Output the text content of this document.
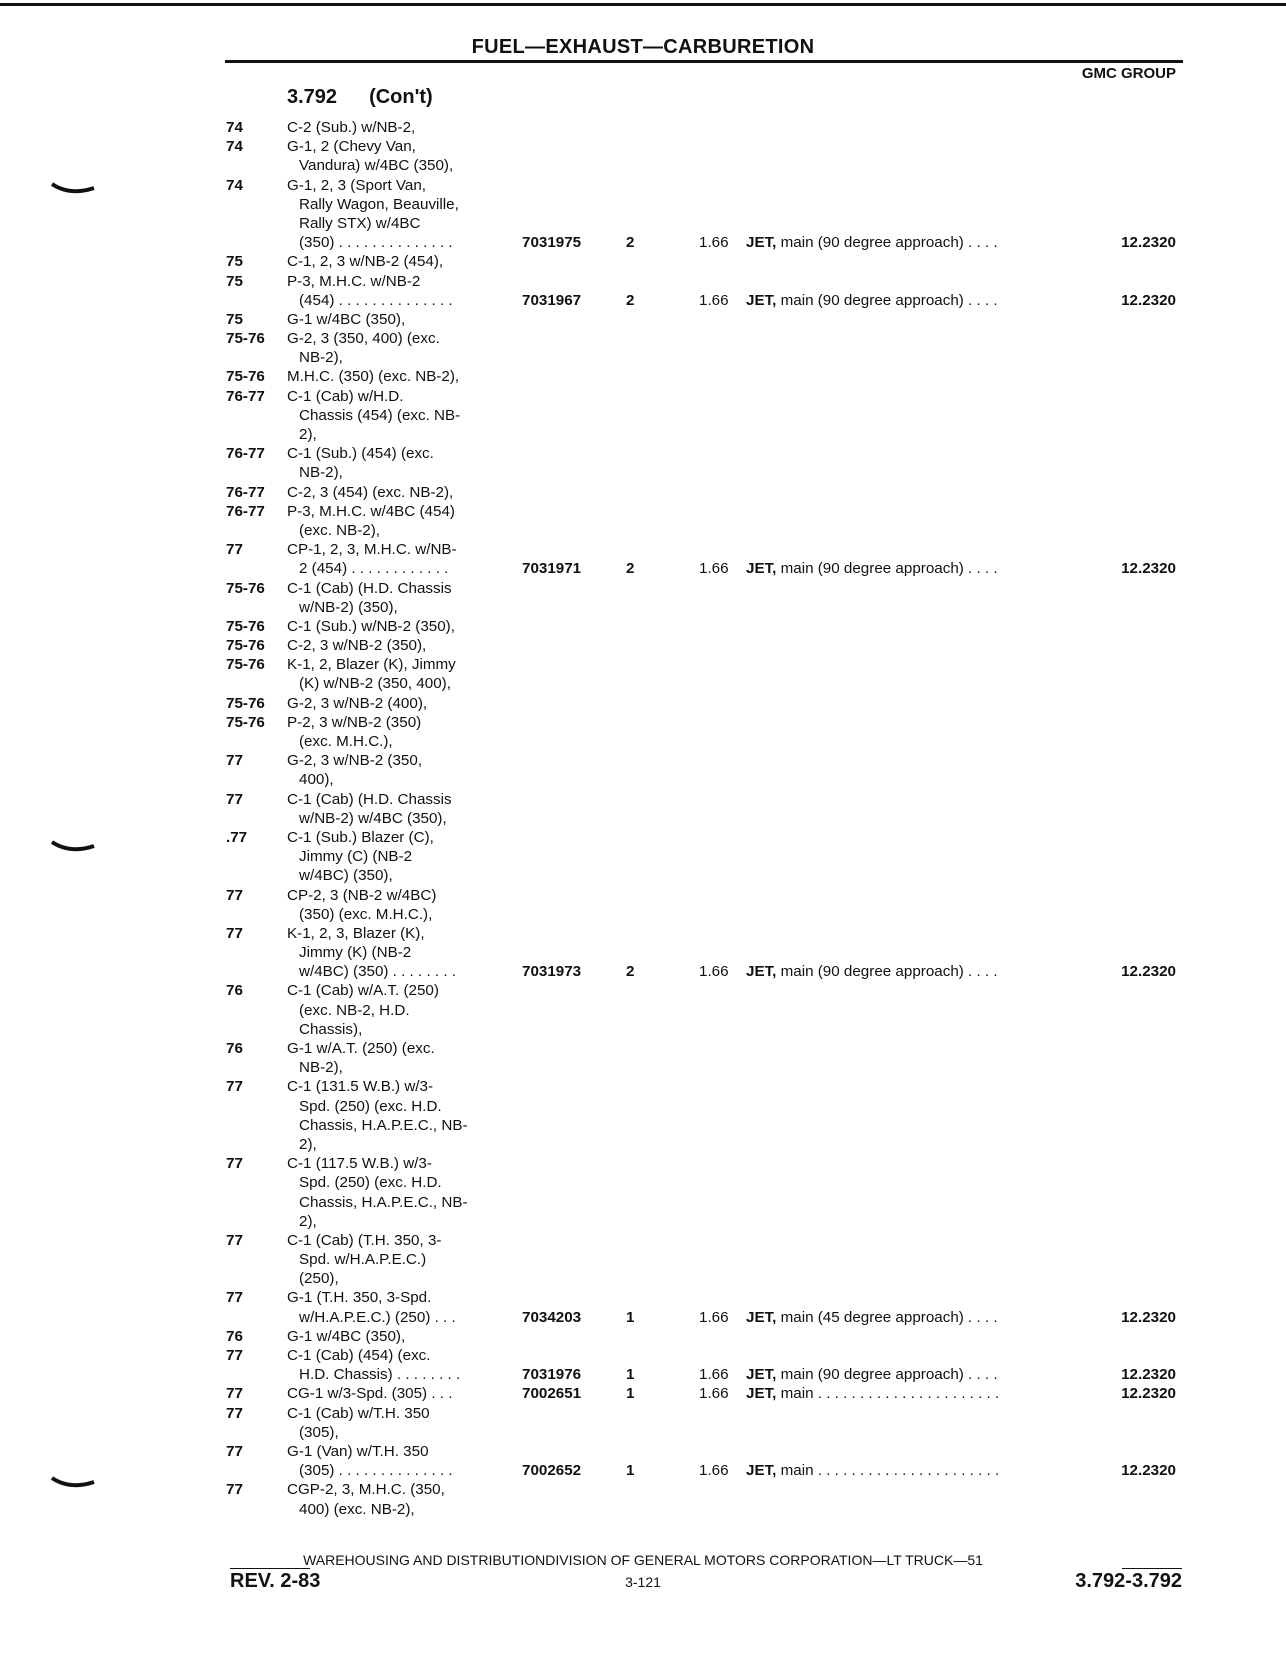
FUEL—EXHAUST—CARBURETION
GMC GROUP
3.792 (Con't)
74	C-2 (Sub.) w/NB-2,
74	G-1, 2 (Chevy Van,
Vandura) w/4BC (350),
74	G-1, 2, 3 (Sport Van,
Rally Wagon, Beauville,
Rally STX) w/4BC
(350) . . . . . . . . . . . . . .	7031975	2	1.66 JET, main (90 degree approach) . . . .	12.2320
75	C-1, 2, 3 w/NB-2 (454),
75	P-3, M.H.C. w/NB-2
(454) . . . . . . . . . . . . . .	7031967	2	1.66 JET, main (90 degree approach) . . . .	12.2320
75	G-1 w/4BC (350),
75-76	G-2, 3 (350, 400) (exc.
NB-2),
75-76	M.H.C. (350) (exc. NB-2),
76-77	C-1 (Cab) w/H.D.
Chassis (454) (exc. NB-
2),
76-77	C-1 (Sub.) (454) (exc.
NB-2),
76-77	C-2, 3 (454) (exc. NB-2),
76-77	P-3, M.H.C. w/4BC (454)
(exc. NB-2),
77	CP-1, 2, 3, M.H.C. w/NB-
2 (454) . . . . . . . . . . . .	7031971	2	1.66 JET, main (90 degree approach) . . . .	12.2320
75-76	C-1 (Cab) (H.D. Chassis
w/NB-2) (350),
75-76	C-1 (Sub.) w/NB-2 (350),
75-76	C-2, 3 w/NB-2 (350),
75-76	K-1, 2, Blazer (K), Jimmy
(K) w/NB-2 (350, 400),
75-76	G-2, 3 w/NB-2 (400),
75-76	P-2, 3 w/NB-2 (350)
(exc. M.H.C.),
77	G-2, 3 w/NB-2 (350,
400),
77	C-1 (Cab) (H.D. Chassis
w/NB-2) w/4BC (350),
.77	C-1 (Sub.) Blazer (C),
Jimmy (C) (NB-2
w/4BC) (350),
77	CP-2, 3 (NB-2 w/4BC)
(350) (exc. M.H.C.),
77	K-1, 2, 3, Blazer (K),
Jimmy (K) (NB-2
w/4BC) (350) . . . . . . . .	7031973	2	1.66 JET, main (90 degree approach) . . . .	12.2320
76	C-1 (Cab) w/A.T. (250)
(exc. NB-2, H.D.
Chassis),
76	G-1 w/A.T. (250) (exc.
NB-2),
77	C-1 (131.5 W.B.) w/3-
Spd. (250) (exc. H.D.
Chassis, H.A.P.E.C., NB-
2),
77	C-1 (117.5 W.B.) w/3-
Spd. (250) (exc. H.D.
Chassis, H.A.P.E.C., NB-
2),
77	C-1 (Cab) (T.H. 350, 3-
Spd. w/H.A.P.E.C.)
(250),
77	G-1 (T.H. 350, 3-Spd.
w/H.A.P.E.C.) (250) . . .	7034203	1	1.66 JET, main (45 degree approach) . . . .	12.2320
76	G-1 w/4BC (350),
77	C-1 (Cab) (454) (exc.
H.D. Chassis) . . . . . . . .	7031976	1	1.66 JET, main (90 degree approach) . . . .	12.2320
77	CG-1 w/3-Spd. (305) . . .	7002651	1	1.66 JET, main . . . . . . . . . . . . . . . . . . . . . .	12.2320
77	C-1 (Cab) w/T.H. 350
(305),
77	G-1 (Van) w/T.H. 350
(305) . . . . . . . . . . . . . .	7002652	1	1.66 JET, main . . . . . . . . . . . . . . . . . . . . . .	12.2320
77	CGP-2, 3, M.H.C. (350,
400) (exc. NB-2),
WAREHOUSING AND DISTRIBUTIONDIVISION OF GENERAL MOTORS CORPORATION—LT TRUCK—51
REV. 2-83	3-121	3.792-3.792
